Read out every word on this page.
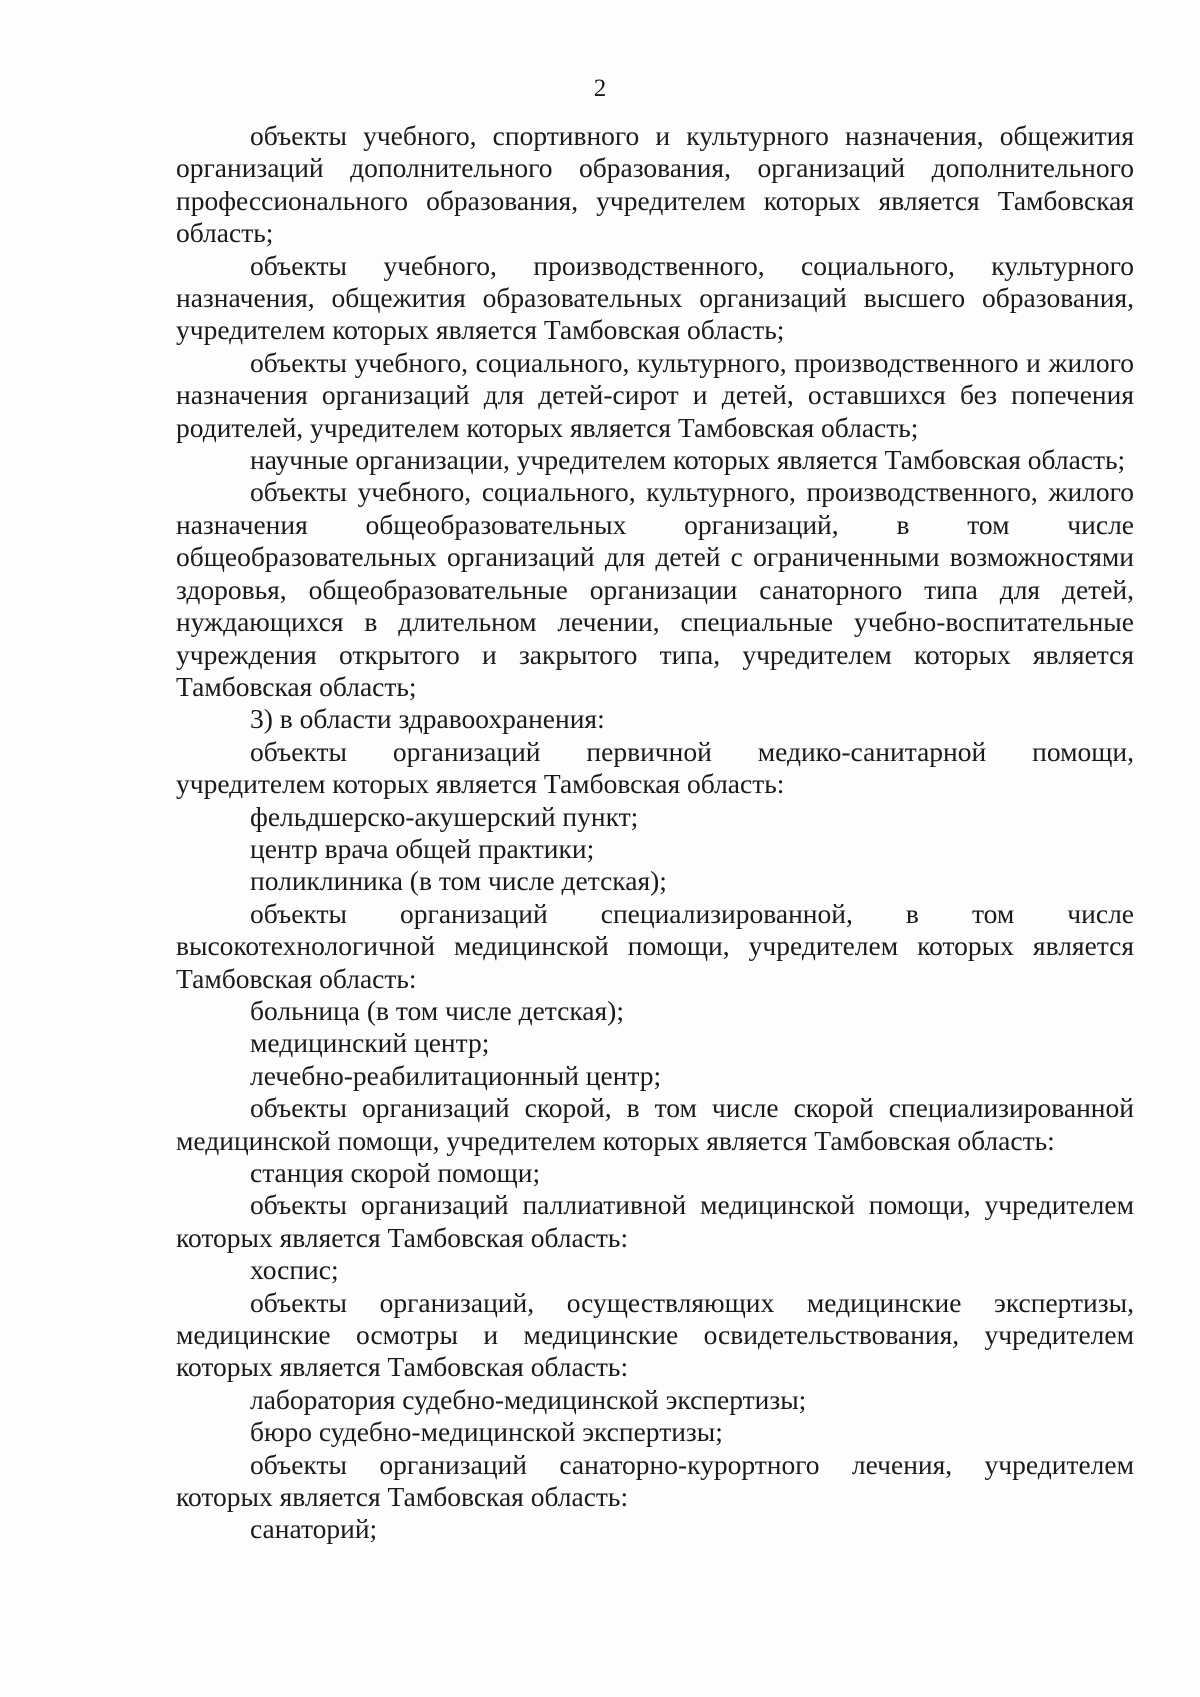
2

объекты учебного, спортивного и культурного назначения, общежития организаций дополнительного образования, организаций дополнительного профессионального образования, учредителем которых является Тамбовская область;

объекты учебного, производственного, социального, культурного назначения, общежития образовательных организаций высшего образования, учредителем которых является Тамбовская область;

объекты учебного, социального, культурного, производственного и жилого назначения организаций для детей-сирот и детей, оставшихся без попечения родителей, учредителем которых является Тамбовская область;

научные организации, учредителем которых является Тамбовская область;

объекты учебного, социального, культурного, производственного, жилого назначения общеобразовательных организаций, в том числе общеобразовательных организаций для детей с ограниченными возможностями здоровья, общеобразовательные организации санаторного типа для детей, нуждающихся в длительном лечении, специальные учебно-воспитательные учреждения открытого и закрытого типа, учредителем которых является Тамбовская область;

3) в области здравоохранения:

объекты организаций первичной медико-санитарной помощи, учредителем которых является Тамбовская область:

фельдшерско-акушерский пункт;

центр врача общей практики;

поликлиника (в том числе детская);

объекты организаций специализированной, в том числе высокотехнологичной медицинской помощи, учредителем которых является Тамбовская область:

больница (в том числе детская);

медицинский центр;

лечебно-реабилитационный центр;

объекты организаций скорой, в том числе скорой специализированной медицинской помощи, учредителем которых является Тамбовская область:

станция скорой помощи;

объекты организаций паллиативной медицинской помощи, учредителем которых является Тамбовская область:

хоспис;

объекты организаций, осуществляющих медицинские экспертизы, медицинские осмотры и медицинские освидетельствования, учредителем которых является Тамбовская область:

лаборатория судебно-медицинской экспертизы;

бюро судебно-медицинской экспертизы;

объекты организаций санаторно-курортного лечения, учредителем которых является Тамбовская область:

санаторий;
